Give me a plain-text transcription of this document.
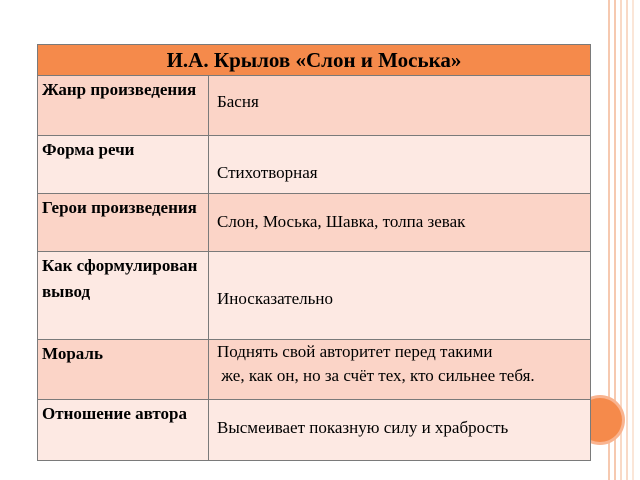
И.А. Крылов «Слон и Моська»
Жанр произведения
Басня
Форма речи
Стихотворная
Герои произведения
Слон, Моська, Шавка, толпа зевак
Как сформулирован вывод	Иносказательно
Мораль	Поднять свой авторитет перед такими
же, как он, но за счёт тех, кто сильнее тебя.
Отношение автора
Высмеивает показную силу и храбрость
